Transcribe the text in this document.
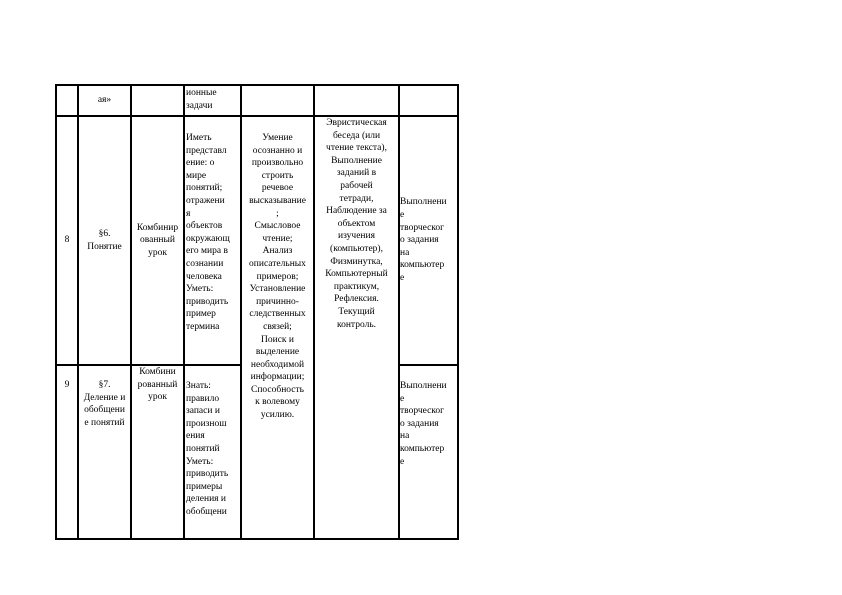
ая»
ионные
задачи
8
§6.
Понятие
Комбинир
ованный
урок
Иметь
представл
ение: о
мире
понятий;
отражени
я
объектов
окружающ
его мира в
сознании
человека
Уметь:
приводить
пример
термина
Умение
осознанно и
произвольно
строить
речевое
высказывание
;
Смысловое
чтение;
Анализ
описательных
примеров;
Установление
причинно-
следственных
связей;
Поиск и
выделение
необходимой
информации;
Способность
к волевому
усилию.
Эвристическая
беседа (или
чтение текста),
Выполнение
заданий в
рабочей
тетради,
Наблюдение за
объектом
изучения
(компьютер),
Физминутка,
Компьютерный
практикум,
Рефлексия.
Текущий
контроль.
Выполнени
е
творческог
о задания
на
компьютер
е
9	§7.
Деление и
обобщени
е понятий
Комбини
рованный
урок
Знать:
правило
запаси и
произнош
ения
понятий
Уметь:
приводить
примеры
деления и
обобщени
Выполнени
е
творческог
о задания
на
компьютер
е
